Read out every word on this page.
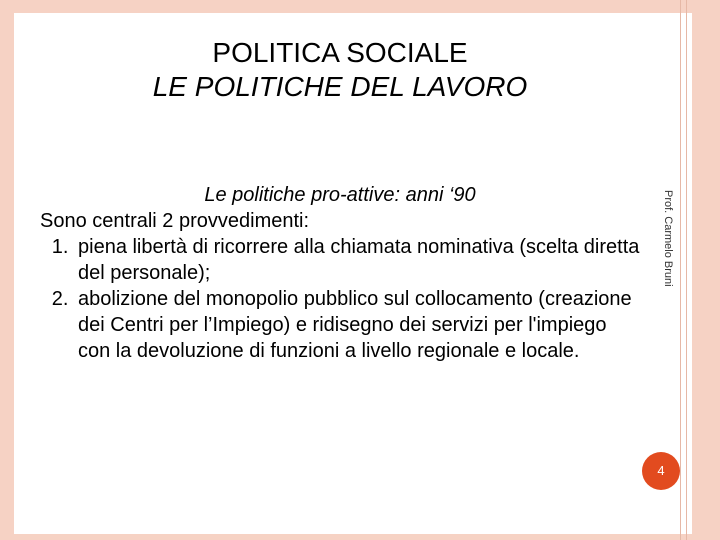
POLITICA SOCIALE
LE POLITICHE DEL LAVORO
Le politiche pro-attive: anni ‘90
Sono centrali 2 provvedimenti:
1. piena libertà di ricorrere alla chiamata nominativa (scelta diretta del personale);
2. abolizione del monopolio pubblico sul collocamento (creazione dei Centri per l’Impiego) e ridisegno dei servizi per l'impiego con la devoluzione di funzioni a livello regionale e locale.
Prof. Carmelo Bruni
4
